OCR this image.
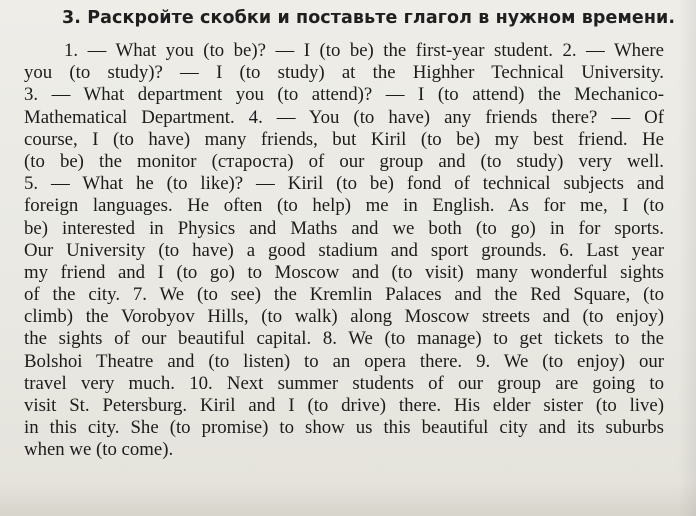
3. Раскройте скобки и поставьте глагол в нужном времени.
1. — What you (to be)? — I (to be) the first-year student. 2. — Where
you (to study)? — I (to study) at the Highher Technical University.
3. — What department you (to attend)? — I (to attend) the Mechanico-
Mathematical Department. 4. — You (to have) any friends there? — Of
course, I (to have) many friends, but Kiril (to be) my best friend. He
(to be) the monitor (староста) of our group and (to study) very well.
5. — What he (to like)? — Kiril (to be) fond of technical subjects and
foreign languages. He often (to help) me in English. As for me, I (to
be) interested in Physics and Maths and we both (to go) in for sports.
Our University (to have) a good stadium and sport grounds. 6. Last year
my friend and I (to go) to Moscow and (to visit) many wonderful sights
of the city. 7. We (to see) the Kremlin Palaces and the Red Square, (to
climb) the Vorobyov Hills, (to walk) along Moscow streets and (to enjoy)
the sights of our beautiful capital. 8. We (to manage) to get tickets to the
Bolshoi Theatre and (to listen) to an opera there. 9. We (to enjoy) our
travel very much. 10. Next summer students of our group are going to
visit St. Petersburg. Kiril and I (to drive) there. His elder sister (to live)
in this city. She (to promise) to show us this beautiful city and its suburbs
when we (to come).
